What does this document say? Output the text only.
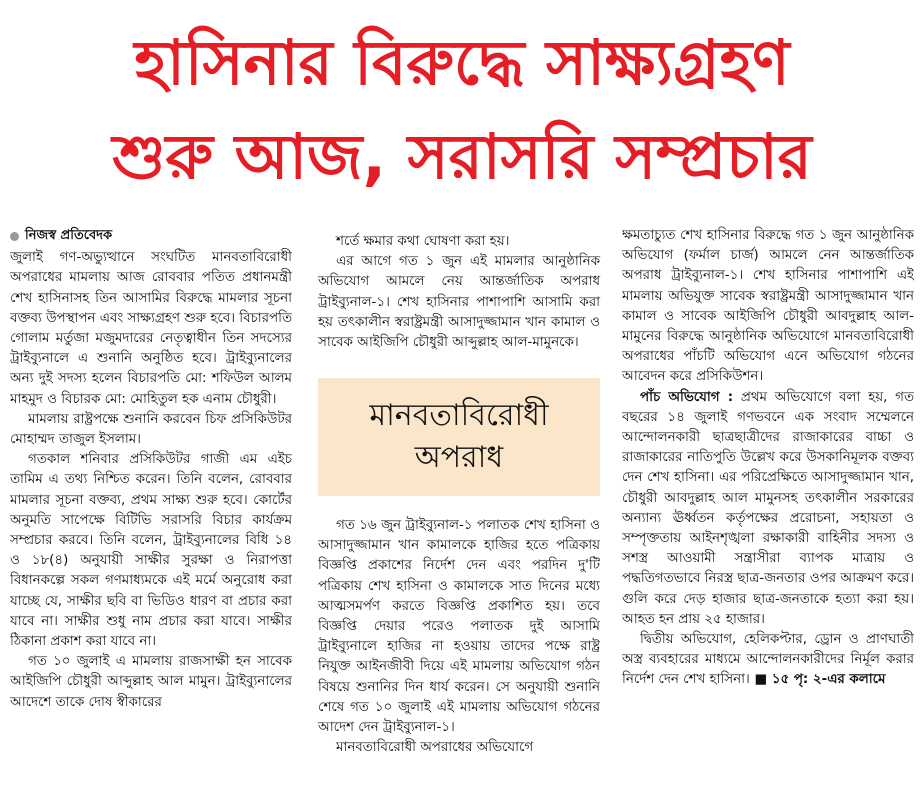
হাসিনার বিরুদ্ধে সাক্ষ্যগ্রহণ
শুরু আজ, সরাসরি সম্প্রচার
নিজস্ব প্রতিবেদক

জুলাই গণ-অভ্যুত্থানে সংঘটিত মানবতাবিরোধী অপরাধের মামলায় আজ রোববার পতিত প্রধানমন্ত্রী শেখ হাসিনাসহ তিন আসামির বিরুদ্ধে মামলার সূচনা বক্তব্য উপস্থাপন এবং সাক্ষ্যগ্রহণ শুরু হবে। বিচারপতি গোলাম মর্তুজা মজুমদারের নেতৃত্বাধীন তিন সদস্যের ট্রাইব্যুনালে এ শুনানি অনুষ্ঠিত হবে। ট্রাইব্যুনালের অন্য দুই সদস্য হলেন বিচারপতি মো: শফিউল আলম মাহমুদ ও বিচারক মো: মোহিতুল হক এনাম চৌধুরী।

মামলায় রাষ্ট্রপক্ষে শুনানি করবেন চিফ প্রসিকিউটর মোহাম্মদ তাজুল ইসলাম।

গতকাল শনিবার প্রসিকিউটর গাজী এম এইচ তামিম এ তথ্য নিশ্চিত করেন। তিনি বলেন, রোববার মামলার সূচনা বক্তব্য, প্রথম সাক্ষ্য শুরু হবে। কোর্টের অনুমতি সাপেক্ষে বিটিভি সরাসরি বিচার কার্যক্রম সম্প্রচার করবে। তিনি বলেন, ট্রাইব্যুনালের বিধি ১৪ ও ১৮(৪) অনুযায়ী সাক্ষীর সুরক্ষা ও নিরাপত্তা বিধানকল্পে সকল গণমাধ্যমকে এই মর্মে অনুরোধ করা যাচ্ছে যে, সাক্ষীর ছবি বা ভিডিও ধারণ বা প্রচার করা যাবে না। সাক্ষীর শুধু নাম প্রচার করা যাবে। সাক্ষীর ঠিকানা প্রকাশ করা যাবে না।

গত ১০ জুলাই এ মামলায় রাজসাক্ষী হন সাবেক আইজিপি চৌধুরী আব্দুল্লাহ আল মামুন। ট্রাইব্যুনালের আদেশে তাকে দোষ স্বীকারের

শর্তে ক্ষমার কথা ঘোষণা করা হয়।

এর আগে গত ১ জুন এই মামলার আনুষ্ঠানিক অভিযোগ আমলে নেয় আন্তর্জাতিক অপরাধ ট্রাইব্যুনাল-১। শেখ হাসিনার পাশাপাশি আসামি করা হয় তৎকালীন স্বরাষ্ট্রমন্ত্রী আসাদুজ্জামান খান কামাল ও সাবেক আইজিপি চৌধুরী আব্দুল্লাহ আল-মামুনকে।

মানবতাবিরোধী
অপরাধ

গত ১৬ জুন ট্রাইব্যুনাল-১ পলাতক শেখ হাসিনা ও আসাদুজ্জামান খান কামালকে হাজির হতে পত্রিকায় বিজ্ঞপ্তি প্রকাশের নির্দেশ দেন এবং পরদিন দু'টি পত্রিকায় শেখ হাসিনা ও কামালকে সাত দিনের মধ্যে আত্মসমর্পণ করতে বিজ্ঞপ্তি প্রকাশিত হয়। তবে বিজ্ঞপ্তি দেয়ার পরেও পলাতক দুই আসামি ট্রাইব্যুনালে হাজির না হওয়ায় তাদের পক্ষে রাষ্ট্র নিযুক্ত আইনজীবী দিয়ে এই মামলায় অভিযোগ গঠন বিষয়ে শুনানির দিন ধার্য করেন। সে অনুযায়ী শুনানি শেষে গত ১০ জুলাই এই মামলায় অভিযোগ গঠনের আদেশ দেন ট্রাইব্যুনাল-১।

মানবতাবিরোধী অপরাধের অভিযোগে

ক্ষমতাচ্যুত শেখ হাসিনার বিরুদ্ধে গত ১ জুন আনুষ্ঠানিক অভিযোগ (ফর্মাল চার্জ) আমলে নেন আন্তর্জাতিক অপরাধ ট্রাইব্যুনাল-১। শেখ হাসিনার পাশাপাশি এই মামলায় অভিযুক্ত সাবেক স্বরাষ্ট্রমন্ত্রী আসাদুজ্জামান খান কামাল ও সাবেক আইজিপি চৌধুরী আবদুল্লাহ আল-মামুনের বিরুদ্ধে আনুষ্ঠানিক অভিযোগে মানবতাবিরোধী অপরাধের পাঁচটি অভিযোগ এনে অভিযোগ গঠনের আবেদন করে প্রসিকিউশন।

পাঁচ অভিযোগ : প্রথম অভিযোগে বলা হয়, গত বছরের ১৪ জুলাই গণভবনে এক সংবাদ সম্মেলনে আন্দোলনকারী ছাত্রছাত্রীদের রাজাকারের বাচ্চা ও রাজাকারের নাতিপুতি উল্লেখ করে উসকানিমূলক বক্তব্য দেন শেখ হাসিনা। এর পরিপ্রেক্ষিতে আসাদুজ্জামান খান, চৌধুরী আবদুল্লাহ আল মামুনসহ তৎকালীন সরকারের অন্যান্য ঊর্ধ্বতন কর্তৃপক্ষের প্ররোচনা, সহায়তা ও সম্পৃক্ততায় আইনশৃঙ্খলা রক্ষাকারী বাহিনীর সদস্য ও সশস্ত্র আওয়ামী সন্ত্রাসীরা ব্যাপক মাত্রায় ও পদ্ধতিগতভাবে নিরস্ত্র ছাত্র-জনতার ওপর আক্রমণ করে। গুলি করে দেড় হাজার ছাত্র-জনতাকে হত্যা করা হয়। আহত হন প্রায় ২৫ হাজার।

দ্বিতীয় অভিযোগ, হেলিকপ্টার, ড্রোন ও প্রাণঘাতী অস্ত্র ব্যবহারের মাধ্যমে আন্দোলনকারীদের নির্মূল করার নির্দেশ দেন শেখ হাসিনা। ■ ১৫ পৃ: ২-এর কলামে
